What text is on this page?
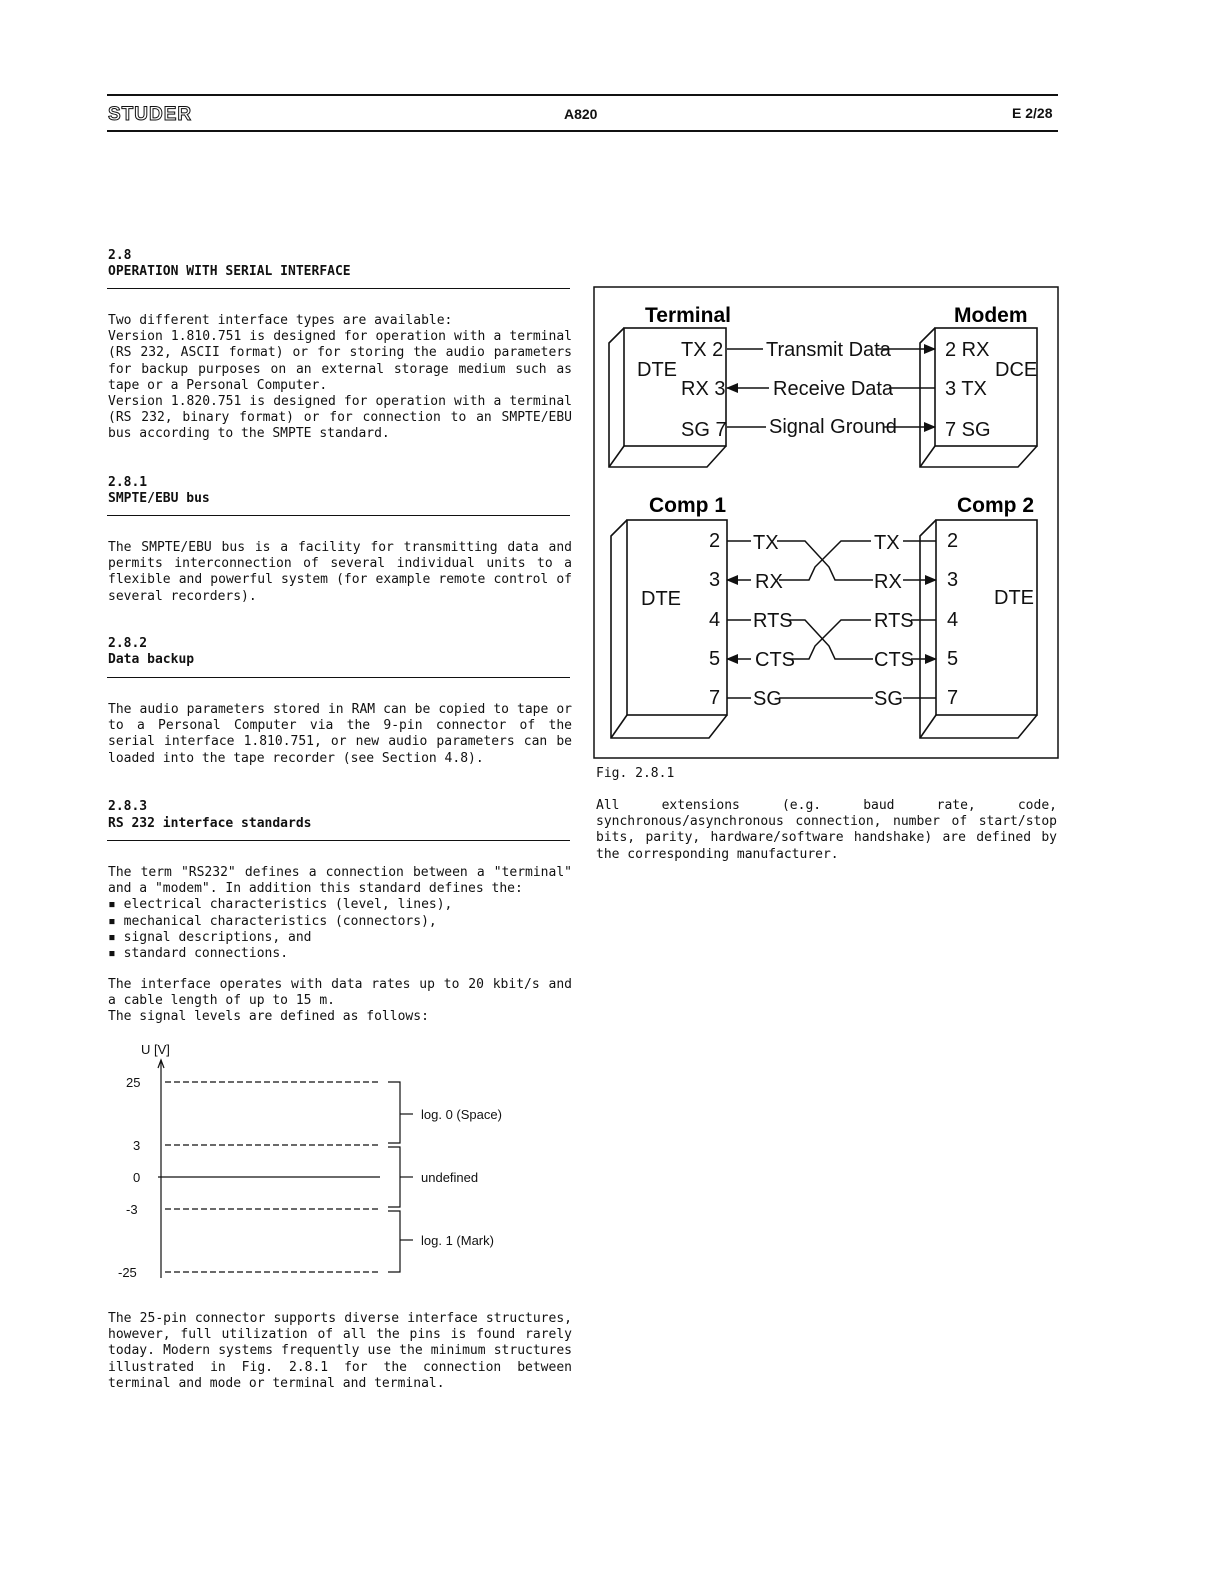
STUDER	A820	E 2/28
2.8
OPERATION WITH SERIAL INTERFACE
Two different interface types are available:
Version 1.810.751 is designed for operation with a terminal (RS 232, ASCII format) or for storing the audio parameters for backup purposes on an external storage medium such as tape or a Personal Computer.
Version 1.820.751 is designed for operation with a terminal (RS 232, binary format) or for connection to an SMPTE/EBU bus according to the SMPTE standard.
2.8.1
SMPTE/EBU bus
The SMPTE/EBU bus is a facility for transmitting data and permits interconnection of several individual units to a flexible and powerful system (for example remote control of several recorders).
2.8.2
Data backup
The audio parameters stored in RAM can be copied to tape or to a Personal Computer via the 9-pin connector of the serial interface 1.810.751, or new audio parameters can be loaded into the tape recorder (see Section 4.8).
2.8.3
RS 232 interface standards
The term "RS232" defines a connection between a "terminal" and a "modem". In addition this standard defines the:
▪ electrical characteristics (level, lines),
▪ mechanical characteristics (connectors),
▪ signal descriptions, and
▪ standard connections.
The interface operates with data rates up to 20 kbit/s and a cable length of up to 15 m.
The signal levels are defined as follows:
U [V]
25
3
0
-3
-25
log. 0 (Space)
undefined
log. 1 (Mark)
The 25-pin connector supports diverse interface structures, however, full utilization of all the pins is found rarely today. Modern systems frequently use the minimum structures illustrated in Fig. 2.8.1 for the connection between terminal and mode or terminal and terminal.
Terminal	Modem
DTE	DCE
TX 2
RX 3
SG 7
2 RX
3 TX
7 SG
Transmit Data
Receive Data
Signal Ground
Comp 1	Comp 2
DTE	DTE
2
3
4
5
7
2
3
4
5
7
TX
RX
RTS
CTS
SG
TX
RX
RTS
CTS
SG
Fig. 2.8.1
All extensions (e.g. baud rate, code, synchronous/asynchronous connection, number of start/stop bits, parity, hardware/software handshake) are defined by the corresponding manufacturer.
